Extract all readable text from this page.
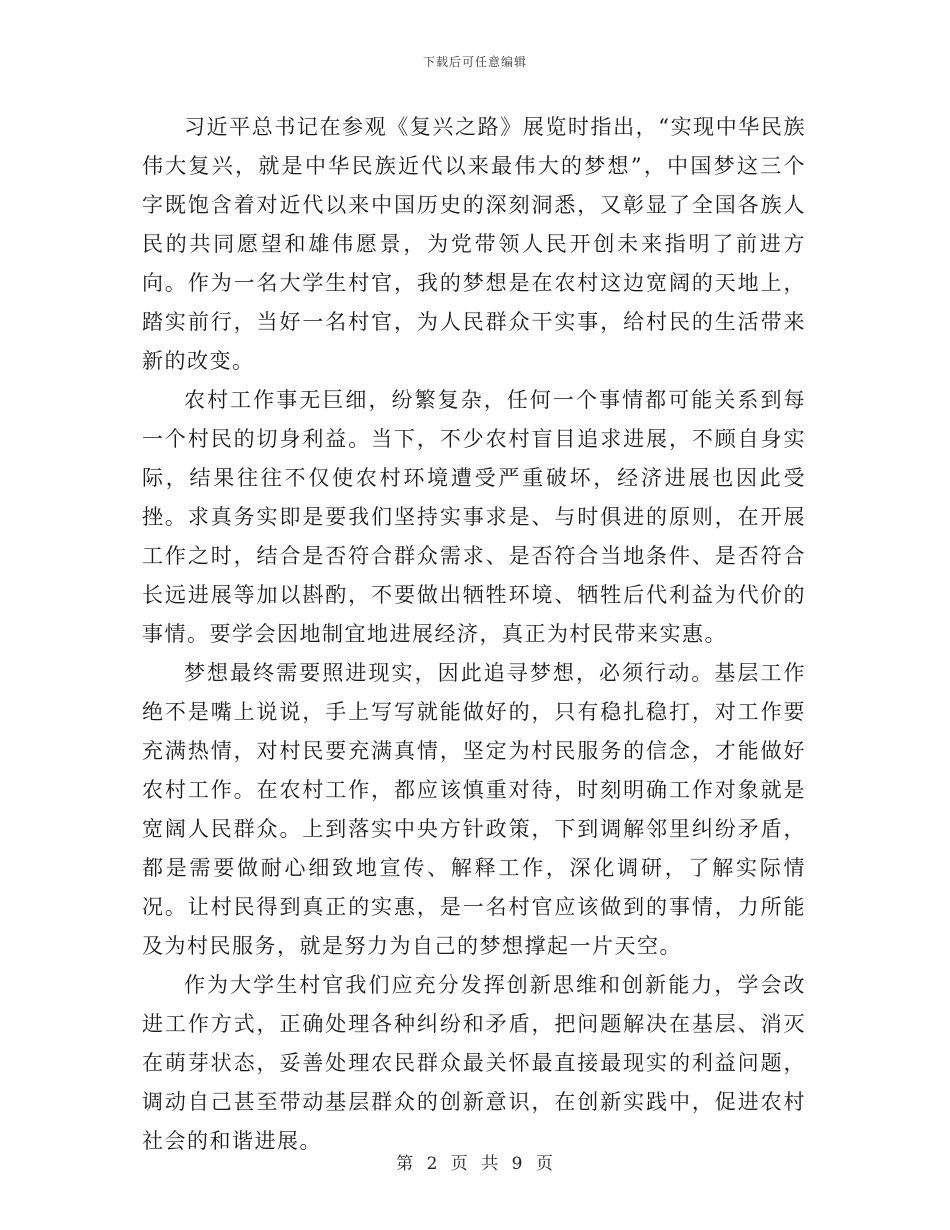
下载后可任意编辑

习近平总书记在参观《复兴之路》展览时指出，“实现中华民族伟大复兴，就是中华民族近代以来最伟大的梦想”，中国梦这三个字既饱含着对近代以来中国历史的深刻洞悉，又彰显了全国各族人民的共同愿望和雄伟愿景，为党带领人民开创未来指明了前进方向。作为一名大学生村官，我的梦想是在农村这边宽阔的天地上，踏实前行，当好一名村官，为人民群众干实事，给村民的生活带来新的改变。

农村工作事无巨细，纷繁复杂，任何一个事情都可能关系到每一个村民的切身利益。当下，不少农村盲目追求进展，不顾自身实际，结果往往不仅使农村环境遭受严重破坏，经济进展也因此受挫。求真务实即是要我们坚持实事求是、与时俱进的原则，在开展工作之时，结合是否符合群众需求、是否符合当地条件、是否符合长远进展等加以斟酌，不要做出牺牲环境、牺牲后代利益为代价的事情。要学会因地制宜地进展经济，真正为村民带来实惠。

梦想最终需要照进现实，因此追寻梦想，必须行动。基层工作绝不是嘴上说说，手上写写就能做好的，只有稳扎稳打，对工作要充满热情，对村民要充满真情，坚定为村民服务的信念，才能做好农村工作。在农村工作，都应该慎重对待，时刻明确工作对象就是宽阔人民群众。上到落实中央方针政策，下到调解邻里纠纷矛盾，都是需要做耐心细致地宣传、解释工作，深化调研，了解实际情况。让村民得到真正的实惠，是一名村官应该做到的事情，力所能及为村民服务，就是努力为自己的梦想撑起一片天空。

作为大学生村官我们应充分发挥创新思维和创新能力，学会改进工作方式，正确处理各种纠纷和矛盾，把问题解决在基层、消灭在萌芽状态，妥善处理农民群众最关怀最直接最现实的利益问题，调动自己甚至带动基层群众的创新意识，在创新实践中，促进农村社会的和谐进展。

第 2 页 共 9 页
